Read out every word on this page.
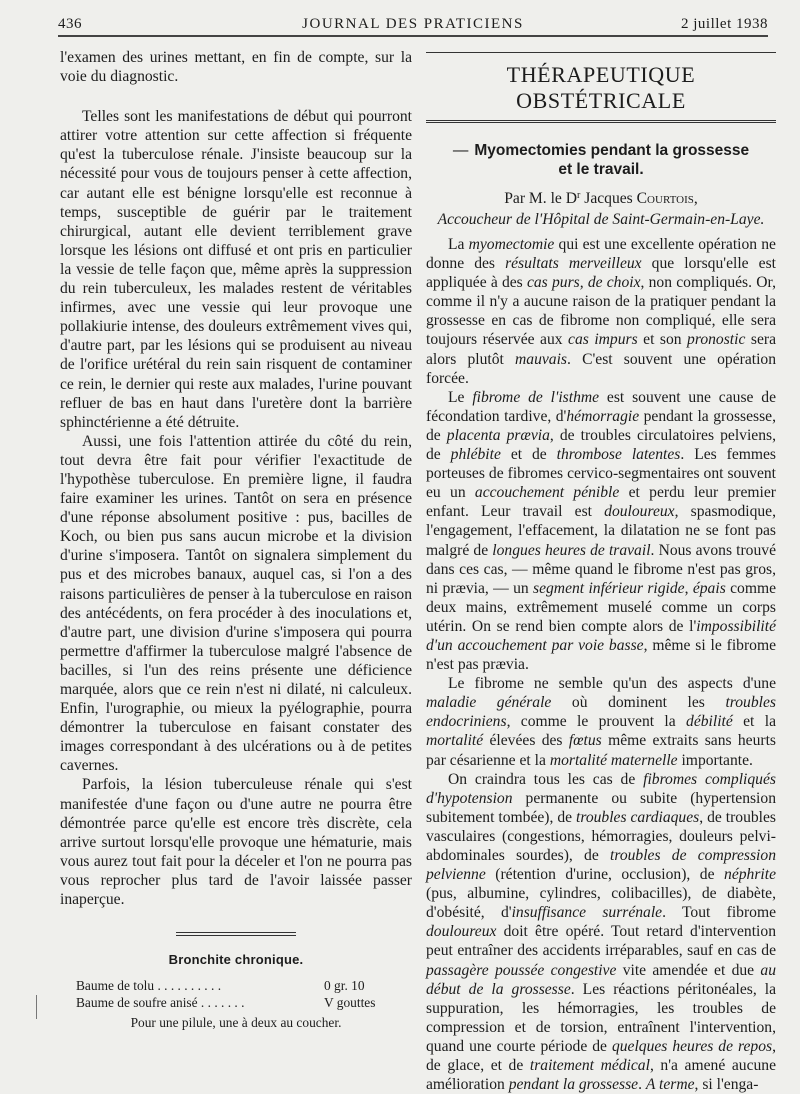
436	JOURNAL DES PRATICIENS	2 juillet 1938

l'examen des urines mettant, en fin de compte, sur la voie du diagnostic.

Telles sont les manifestations de début qui pourront attirer votre attention sur cette affection si fréquente qu'est la tuberculose rénale. J'insiste beaucoup sur la nécessité pour vous de toujours penser à cette affection, car autant elle est bénigne lorsqu'elle est reconnue à temps, susceptible de guérir par le traitement chirurgical, autant elle devient terriblement grave lorsque les lésions ont diffusé et ont pris en particulier la vessie de telle façon que, même après la suppression du rein tuberculeux, les malades restent de véritables infirmes, avec une vessie qui leur provoque une pollakiurie intense, des douleurs extrêmement vives qui, d'autre part, par les lésions qui se produisent au niveau de l'orifice urétéral du rein sain risquent de contaminer ce rein, le dernier qui reste aux malades, l'urine pouvant refluer de bas en haut dans l'uretère dont la barrière sphinctérienne a été détruite.

Aussi, une fois l'attention attirée du côté du rein, tout devra être fait pour vérifier l'exactitude de l'hypothèse tuberculose. En première ligne, il faudra faire examiner les urines. Tantôt on sera en présence d'une réponse absolument positive : pus, bacilles de Koch, ou bien pus sans aucun microbe et la division d'urine s'imposera. Tantôt on signalera simplement du pus et des microbes banaux, auquel cas, si l'on a des raisons particulières de penser à la tuberculose en raison des antécédents, on fera procéder à des inoculations et, d'autre part, une division d'urine s'imposera qui pourra permettre d'affirmer la tuberculose malgré l'absence de bacilles, si l'un des reins présente une déficience marquée, alors que ce rein n'est ni dilaté, ni calculeux. Enfin, l'urographie, ou mieux la pyélographie, pourra démontrer la tuberculose en faisant constater des images correspondant à des ulcérations ou à de petites cavernes.

Parfois, la lésion tuberculeuse rénale qui s'est manifestée d'une façon ou d'une autre ne pourra être démontrée parce qu'elle est encore très discrète, cela arrive surtout lorsqu'elle provoque une hématurie, mais vous aurez tout fait pour la déceler et l'on ne pourra pas vous reprocher plus tard de l'avoir laissée passer inaperçue.

Bronchite chronique.
Baume de tolu . . . . . . . . . .	0 gr. 10
Baume de soufre anisé . . . . . . .	V gouttes
Pour une pilule, une à deux au coucher.
THÉRAPEUTIQUE OBSTÉTRICALE
— Myomectomies pendant la grossesse
et le travail.
Par M. le $D^r$ Jacques Courtois,
Accoucheur de l'Hôpital de Saint-Germain-en-Laye.

La myomectomie qui est une excellente opération ne donne des résultats merveilleux que lorsqu'elle est appliquée à des cas purs, de choix, non compliqués. Or, comme il n'y a aucune raison de la pratiquer pendant la grossesse en cas de fibrome non compliqué, elle sera toujours réservée aux cas impurs et son pronostic sera alors plutôt mauvais. C'est souvent une opération forcée.

Le fibrome de l'isthme est souvent une cause de fécondation tardive, d'hémorragie pendant la grossesse, de placenta prævia, de troubles circulatoires pelviens, de phlébite et de thrombose latentes. Les femmes porteuses de fibromes cervico-segmentaires ont souvent eu un accouchement pénible et perdu leur premier enfant. Leur travail est douloureux, spasmodique, l'engagement, l'effacement, la dilatation ne se font pas malgré de longues heures de travail. Nous avons trouvé dans ces cas, — même quand le fibrome n'est pas gros, ni prævia, — un segment inférieur rigide, épais comme deux mains, extrêmement muselé comme un corps utérin. On se rend bien compte alors de l'impossibilité d'un accouchement par voie basse, même si le fibrome n'est pas prævia.

Le fibrome ne semble qu'un des aspects d'une maladie générale où dominent les troubles endocriniens, comme le prouvent la débilité et la mortalité élevées des fœtus même extraits sans heurts par césarienne et la mortalité maternelle importante.

On craindra tous les cas de fibromes compliqués d'hypotension permanente ou subite (hypertension subitement tombée), de troubles cardiaques, de troubles vasculaires (congestions, hémorragies, douleurs pelvi-abdominales sourdes), de troubles de compression pelvienne (rétention d'urine, occlusion), de néphrite (pus, albumine, cylindres, colibacilles), de diabète, d'obésité, d'insuffisance surrénale. Tout fibrome douloureux doit être opéré. Tout retard d'intervention peut entraîner des accidents irréparables, sauf en cas de passagère poussée congestive vite amendée et due au début de la grossesse. Les réactions péritonéales, la suppuration, les hémorragies, les troubles de compression et de torsion, entraînent l'intervention, quand une courte période de quelques heures de repos, de glace, et de traitement médical, n'a amené aucune amélioration pendant la grossesse. A terme, si l'enga-
